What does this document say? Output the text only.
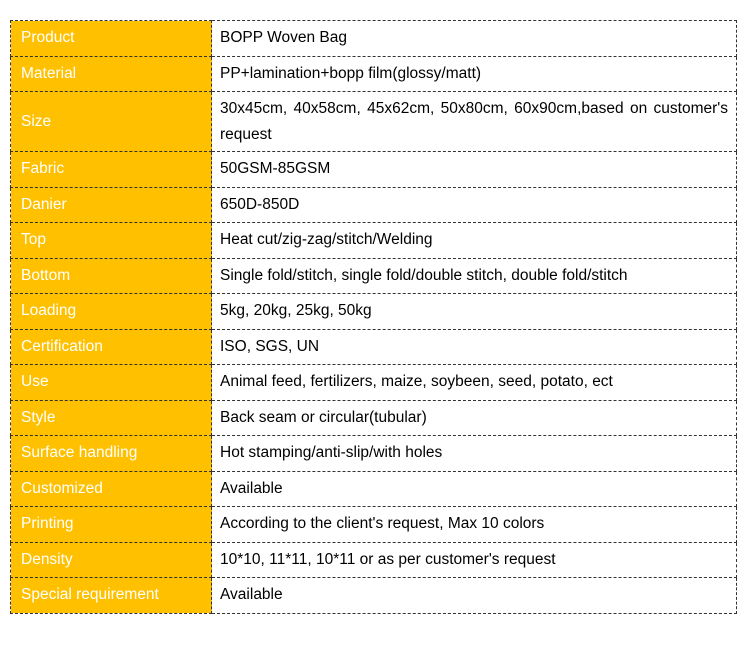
Product	BOPP Woven Bag
Material	PP+lamination+bopp film(glossy/matt)
Size	30x45cm, 40x58cm, 45x62cm, 50x80cm, 60x90cm,based on customer's request
Fabric	50GSM-85GSM
Danier	650D-850D
Top	Heat cut/zig-zag/stitch/Welding
Bottom	Single fold/stitch, single fold/double stitch, double fold/stitch
Loading	5kg, 20kg, 25kg, 50kg
Certification	ISO, SGS, UN
Use	Animal feed, fertilizers, maize, soybeen, seed, potato, ect
Style	Back seam or circular(tubular)
Surface handling	Hot stamping/anti-slip/with holes
Customized	Available
Printing	According to the client's request, Max 10 colors
Density	10*10, 11*11, 10*11 or as per customer's request
Special requirement	Available
